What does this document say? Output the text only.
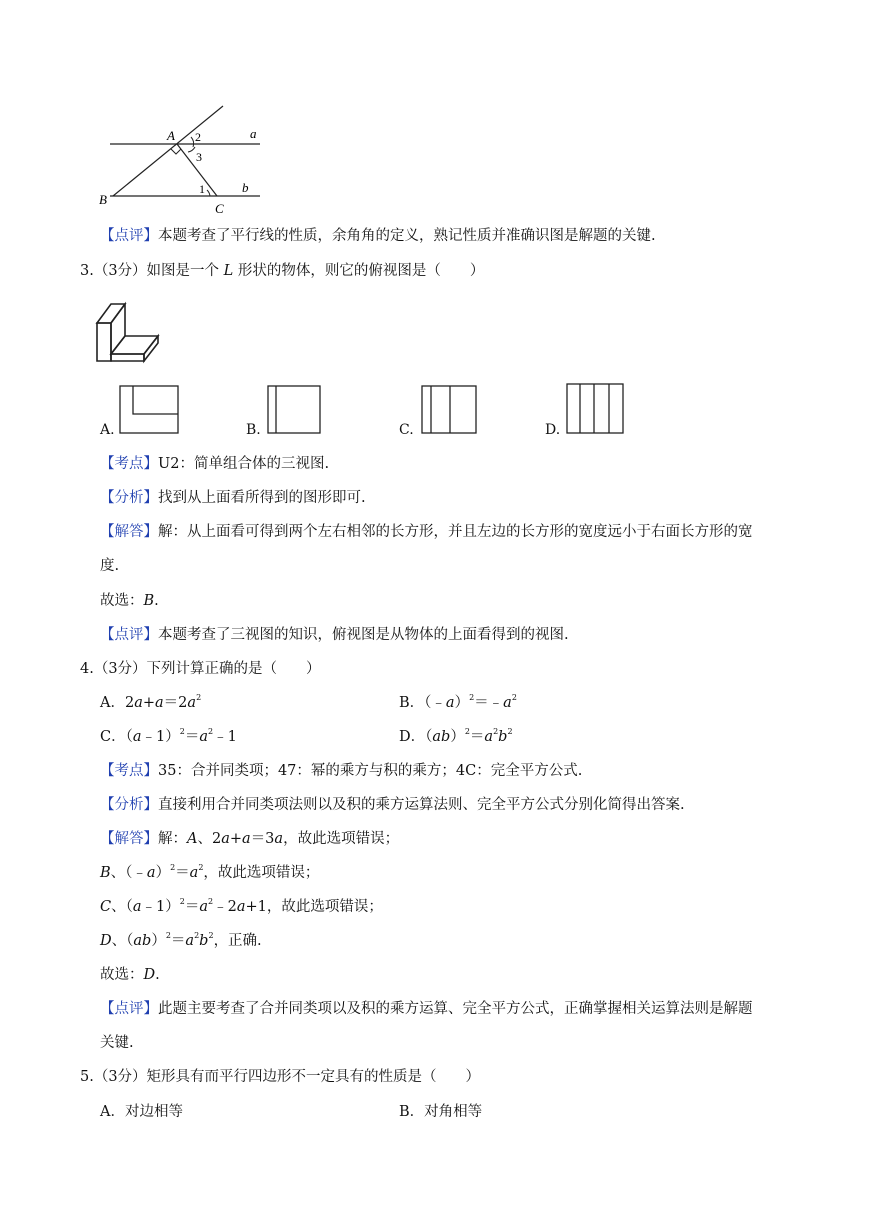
A
B
C
a
b
1
2
3
【点评】本题考查了平行线的性质，余角角的定义，熟记性质并准确识图是解题的关键.
3.（3分）如图是一个 L 形状的物体，则它的俯视图是（　　）
A.	B.	C.	D.
【考点】U2：简单组合体的三视图.
【分析】找到从上面看所得到的图形即可.
【解答】解：从上面看可得到两个左右相邻的长方形，并且左边的长方形的宽度远小于右面长方形的宽
度.
故选：B.
【点评】本题考查了三视图的知识，俯视图是从物体的上面看得到的视图.
4.（3分）下列计算正确的是（　　）
A．$2a+a=2a^2$	B．$(﹣a)^2=﹣a^2$
C．$(a﹣1)^2=a^2﹣1$	D．$(ab)^2=a^2b^2$
【考点】35：合并同类项；47：幂的乘方与积的乘方；4C：完全平方公式.
【分析】直接利用合并同类项法则以及积的乘方运算法则、完全平方公式分别化简得出答案.
【解答】解：A、2a+a＝3a，故此选项错误；
B、$(﹣a)^2=a^2$，故此选项错误；
C、$(a﹣1)^2=a^2﹣2a+1$，故此选项错误；
D、$(ab)^2=a^2b^2$，正确.
故选：D.
【点评】此题主要考查了合并同类项以及积的乘方运算、完全平方公式，正确掌握相关运算法则是解题
关键.
5.（3分）矩形具有而平行四边形不一定具有的性质是（　　）
A．对边相等	B．对角相等
